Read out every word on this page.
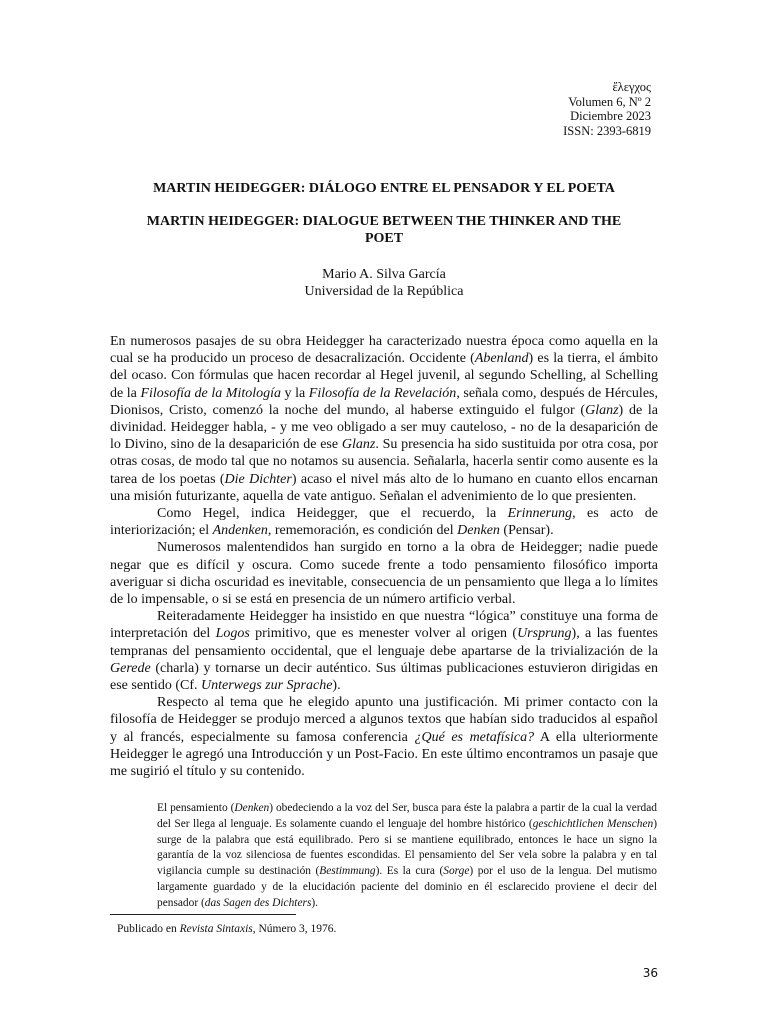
ἔλεγχος
Volumen 6, Nº 2
Diciembre 2023
ISSN: 2393-6819
MARTIN HEIDEGGER: DIÁLOGO ENTRE EL PENSADOR Y EL POETA
MARTIN HEIDEGGER: DIALOGUE BETWEEN THE THINKER AND THE
POET
Mario A. Silva García
Universidad de la República

En numerosos pasajes de su obra Heidegger ha caracterizado nuestra época como aquella en la cual se ha producido un proceso de desacralización. Occidente (Abenland) es la tierra, el ámbito del ocaso. Con fórmulas que hacen recordar al Hegel juvenil, al segundo Schelling, al Schelling de la Filosofía de la Mitología y la Filosofía de la Revelación, señala como, después de Hércules, Dionisos, Cristo, comenzó la noche del mundo, al haberse extinguido el fulgor (Glanz) de la divinidad. Heidegger habla, - y me veo obligado a ser muy cauteloso, - no de la desaparición de lo Divino, sino de la desaparición de ese Glanz. Su presencia ha sido sustituida por otra cosa, por otras cosas, de modo tal que no notamos su ausencia. Señalarla, hacerla sentir como ausente es la tarea de los poetas (Die Dichter) acaso el nivel más alto de lo humano en cuanto ellos encarnan una misión futurizante, aquella de vate antiguo. Señalan el advenimiento de lo que presienten.

Como Hegel, indica Heidegger, que el recuerdo, la Erinnerung, es acto de interiorización; el Andenken, rememoración, es condición del Denken (Pensar).

Numerosos malentendidos han surgido en torno a la obra de Heidegger; nadie puede negar que es difícil y oscura. Como sucede frente a todo pensamiento filosófico importa averiguar si dicha oscuridad es inevitable, consecuencia de un pensamiento que llega a lo límites de lo impensable, o si se está en presencia de un número artificio verbal.

Reiteradamente Heidegger ha insistido en que nuestra “lógica” constituye una forma de interpretación del Logos primitivo, que es menester volver al origen (Ursprung), a las fuentes tempranas del pensamiento occidental, que el lenguaje debe apartarse de la trivialización de la Gerede (charla) y tornarse un decir auténtico. Sus últimas publicaciones estuvieron dirigidas en ese sentido (Cf. Unterwegs zur Sprache).

Respecto al tema que he elegido apunto una justificación. Mi primer contacto con la filosofía de Heidegger se produjo merced a algunos textos que habían sido traducidos al español y al francés, especialmente su famosa conferencia ¿Qué es metafísica? A ella ulteriormente Heidegger le agregó una Introducción y un Post-Facio. En este último encontramos un pasaje que me sugirió el título y su contenido.

El pensamiento (Denken) obedeciendo a la voz del Ser, busca para éste la palabra a partir de la cual la verdad del Ser llega al lenguaje. Es solamente cuando el lenguaje del hombre histórico (geschichtlichen Menschen) surge de la palabra que está equilibrado. Pero si se mantiene equilibrado, entonces le hace un signo la garantía de la voz silenciosa de fuentes escondidas. El pensamiento del Ser vela sobre la palabra y en tal vigilancia cumple su destinación (Bestimmung). Es la cura (Sorge) por el uso de la lengua. Del mutismo largamente guardado y de la elucidación paciente del dominio en él esclarecido proviene el decir del pensador (das Sagen des Dichters).

Publicado en Revista Sintaxis, Número 3, 1976.
36
